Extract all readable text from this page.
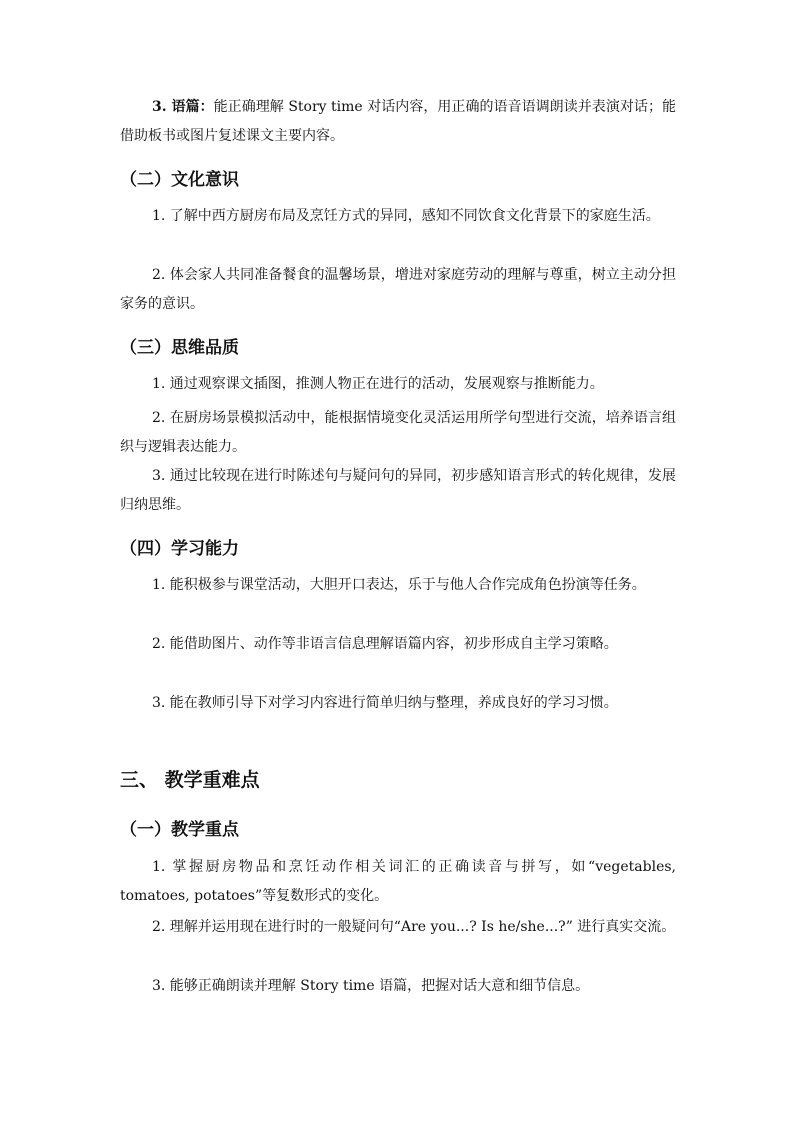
3. 语篇：能正确理解 Story time 对话内容，用正确的语音语调朗读并表演对话；能借助板书或图片复述课文主要内容。

（二）文化意识

1. 了解中西方厨房布局及烹饪方式的异同，感知不同饮食文化背景下的家庭生活。

2. 体会家人共同准备餐食的温馨场景，增进对家庭劳动的理解与尊重，树立主动分担家务的意识。

（三）思维品质

1. 通过观察课文插图，推测人物正在进行的活动，发展观察与推断能力。

2. 在厨房场景模拟活动中，能根据情境变化灵活运用所学句型进行交流，培养语言组织与逻辑表达能力。

3. 通过比较现在进行时陈述句与疑问句的异同，初步感知语言形式的转化规律，发展归纳思维。

（四）学习能力

1. 能积极参与课堂活动，大胆开口表达，乐于与他人合作完成角色扮演等任务。

2. 能借助图片、动作等非语言信息理解语篇内容，初步形成自主学习策略。

3. 能在教师引导下对学习内容进行简单归纳与整理，养成良好的学习习惯。

三、 教学重难点
（一）教学重点

1. 掌握厨房物品和烹饪动作相关词汇的正确读音与拼写，如“vegetables, tomatoes, potatoes”等复数形式的变化。

2. 理解并运用现在进行时的一般疑问句“Are you...? Is he/she...?” 进行真实交流。

3. 能够正确朗读并理解 Story time 语篇，把握对话大意和细节信息。
